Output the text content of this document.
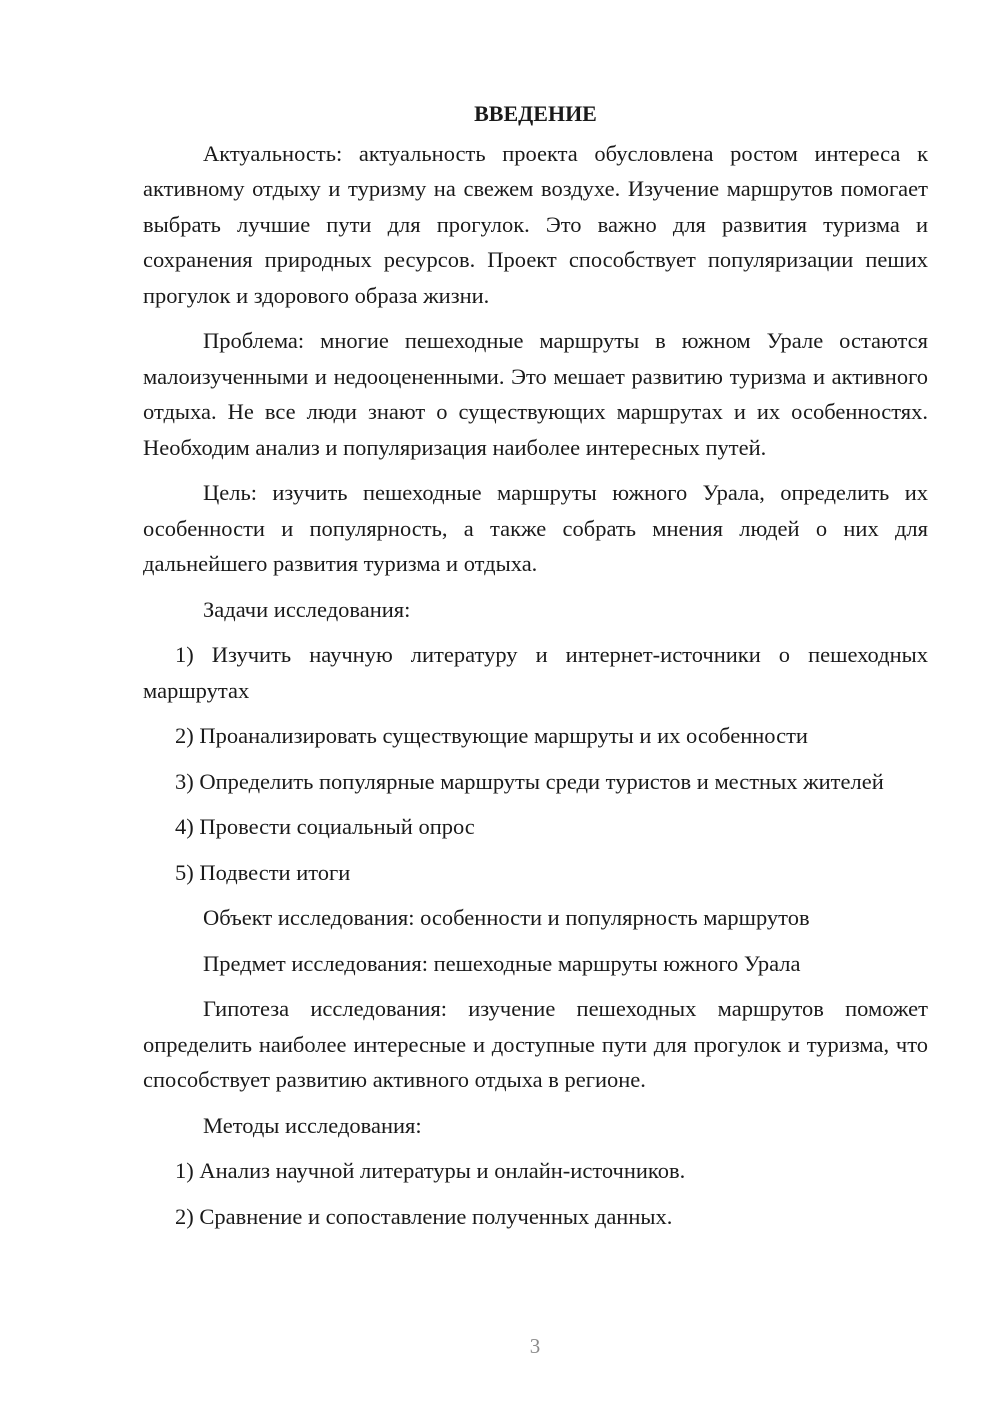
ВВЕДЕНИЕ

Актуальность: актуальность проекта обусловлена ростом интереса к активному отдыху и туризму на свежем воздухе. Изучение маршрутов помогает выбрать лучшие пути для прогулок. Это важно для развития туризма и сохранения природных ресурсов. Проект способствует популяризации пеших прогулок и здорового образа жизни.

Проблема: многие пешеходные маршруты в южном Урале остаются малоизученными и недооцененными. Это мешает развитию туризма и активного отдыха. Не все люди знают о существующих маршрутах и их особенностях. Необходим анализ и популяризация наиболее интересных путей.

Цель: изучить пешеходные маршруты южного Урала, определить их особенности и популярность, а также собрать мнения людей о них для дальнейшего развития туризма и отдыха.

Задачи исследования:

1) Изучить научную литературу и интернет-источники о пешеходных маршрутах

2) Проанализировать существующие маршруты и их особенности

3) Определить популярные маршруты среди туристов и местных жителей

4) Провести социальный опрос

5) Подвести итоги

Объект исследования: особенности и популярность маршрутов

Предмет исследования: пешеходные маршруты южного Урала

Гипотеза исследования: изучение пешеходных маршрутов поможет определить наиболее интересные и доступные пути для прогулок и туризма, что способствует развитию активного отдыха в регионе.

Методы исследования:

1) Анализ научной литературы и онлайн-источников.

2) Сравнение и сопоставление полученных данных.

3
